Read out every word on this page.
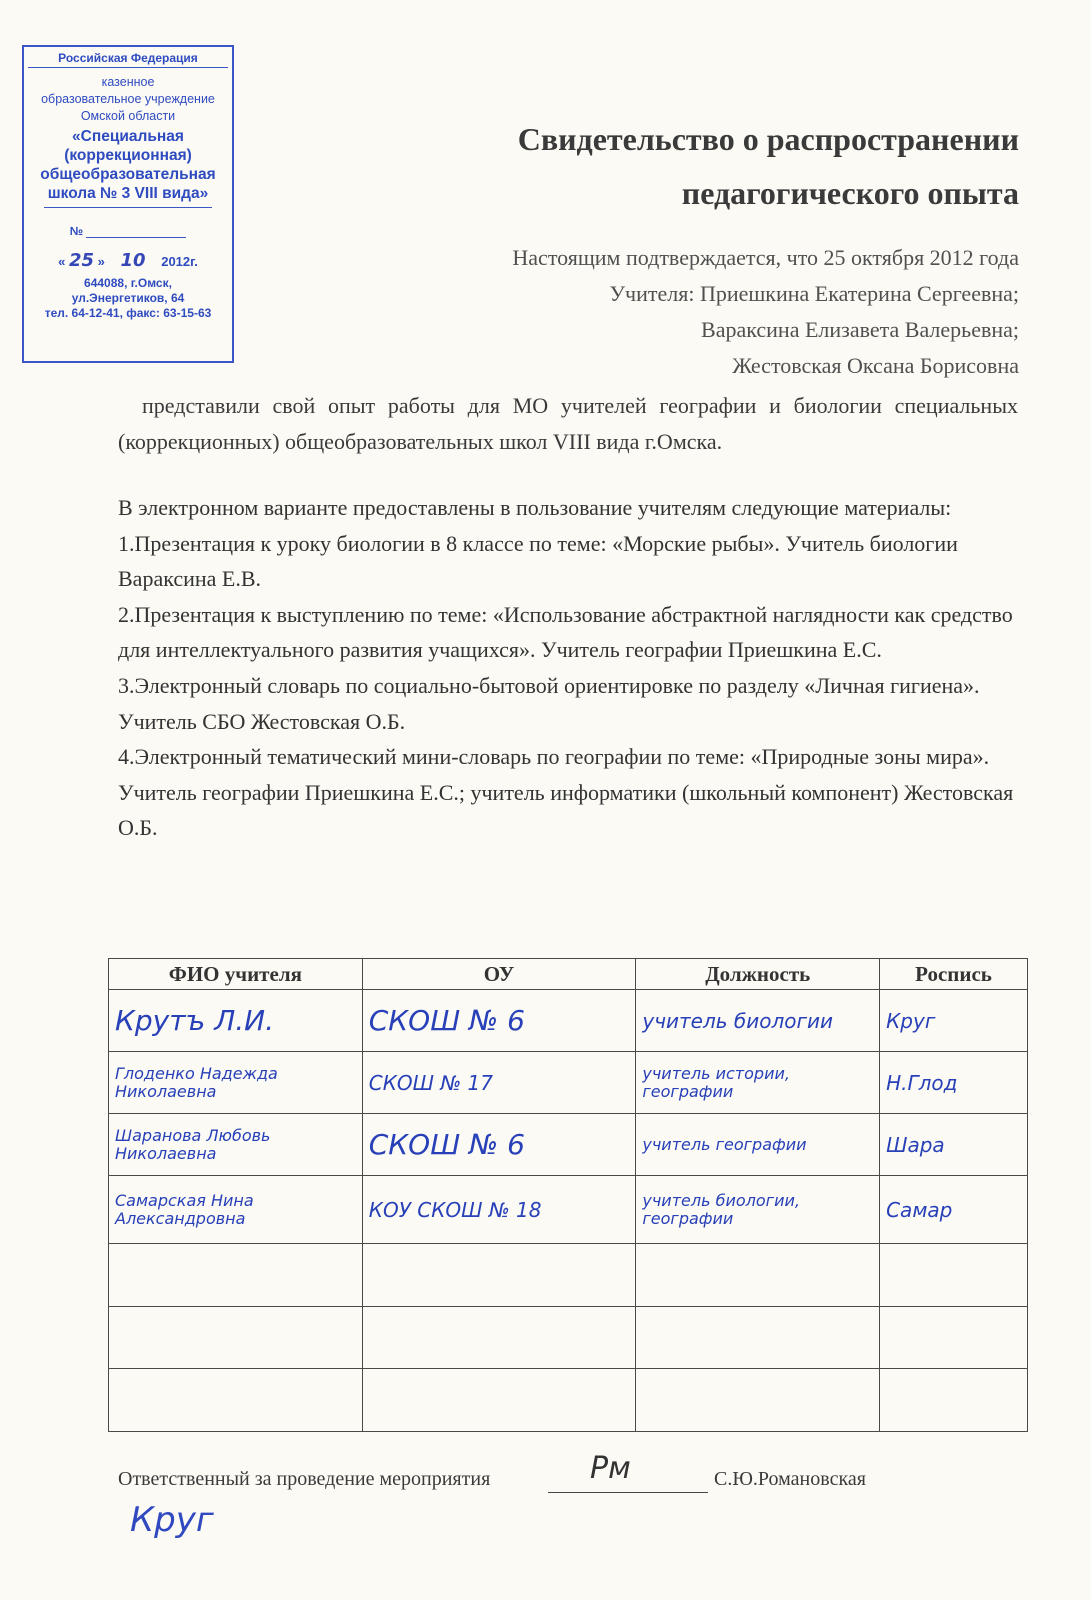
Российская Федерация
казенное
образовательное учреждение
Омской области
«Специальная
(коррекционная)
общеобразовательная
школа № 3 VIII вида»
№
« 25 » 10 2012г.
644088, г.Омск,
ул.Энергетиков, 64
тел. 64-12-41, факс: 63-15-63
Свидетельство о распространении
педагогического опыта
Настоящим подтверждается, что 25 октября 2012 года
Учителя: Приешкина Екатерина Сергеевна;
Вараксина Елизавета Валерьевна;
Жестовская Оксана Борисовна
представили свой опыт работы для МО учителей географии и биологии специальных (коррекционных) общеобразовательных школ VIII вида г.Омска.
В электронном варианте предоставлены в пользование учителям следующие материалы:
1.Презентация к уроку биологии в 8 классе по теме: «Морские рыбы». Учитель биологии Вараксина Е.В.
2.Презентация к выступлению по теме: «Использование абстрактной наглядности как средство для интеллектуального развития учащихся». Учитель географии Приешкина Е.С.
3.Электронный словарь по социально-бытовой ориентировке по разделу «Личная гигиена». Учитель СБО Жестовская О.Б.
4.Электронный тематический мини-словарь по географии по теме: «Природные зоны мира». Учитель географии Приешкина Е.С.; учитель информатики (школьный компонент) Жестовская О.Б.
ФИО учителя	ОУ	Должность	Роспись
Крутъ Л.И.	СКОШ № 6	учитель биологии	Круг
Глоденко Надежда Николаевна	СКОШ № 17	учитель истории, географии	Н.Глод
Шаранова Любовь Николаевна	СКОШ № 6	учитель географии	Шара
Самарская Нина Александровна	КОУ СКОШ № 18	учитель биологии, географии	Самар

Ответственный за проведение мероприятия	Рм	С.Ю.Романовская
Круг
